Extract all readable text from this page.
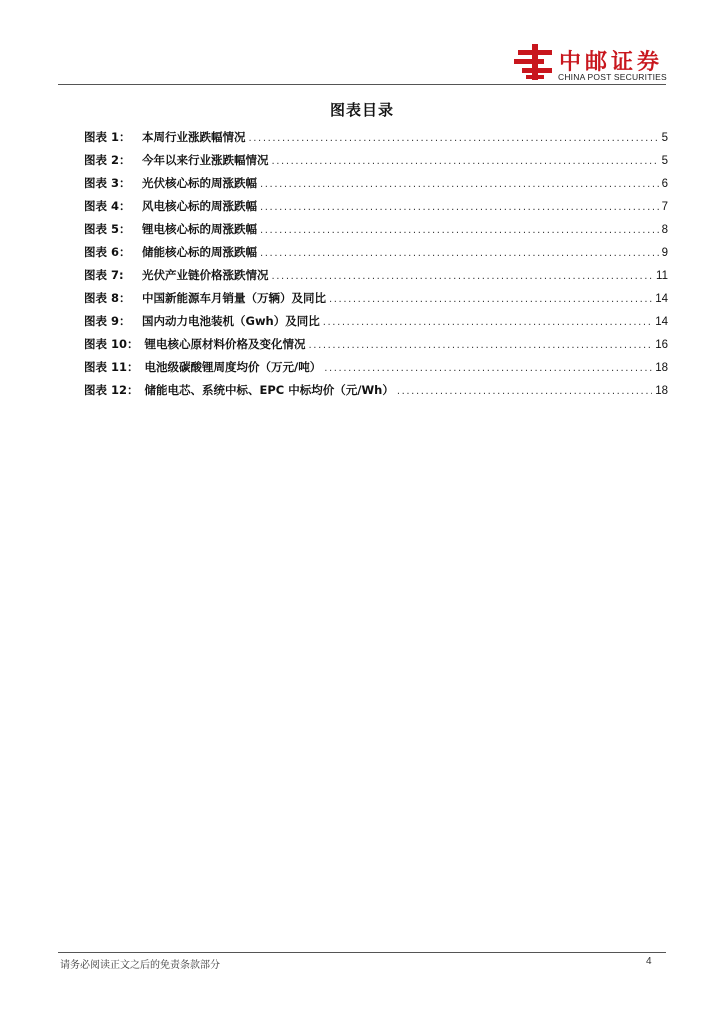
中邮证券
CHINA POST SECURITIES
图表目录
图表 1： 本周行业涨跌幅情况 .....	5
图表 2： 今年以来行业涨跌幅情况 .....	5
图表 3： 光伏核心标的周涨跌幅 .....	6
图表 4： 风电核心标的周涨跌幅 .....	7
图表 5： 锂电核心标的周涨跌幅 .....	8
图表 6： 储能核心标的周涨跌幅 .....	9
图表 7:	光伏产业链价格涨跌情况 .....	11
图表 8： 中国新能源车月销量（万辆）及同比 .....	14
图表 9： 国内动力电池装机（Gwh）及同比 .....	14
图表 10： 锂电核心原材料价格及变化情况 .....	16
图表 11： 电池级碳酸锂周度均价（万元/吨） .....	18
图表 12： 储能电芯、系统中标、EPC 中标均价（元/Wh） .....	18
请务必阅读正文之后的免责条款部分	4
